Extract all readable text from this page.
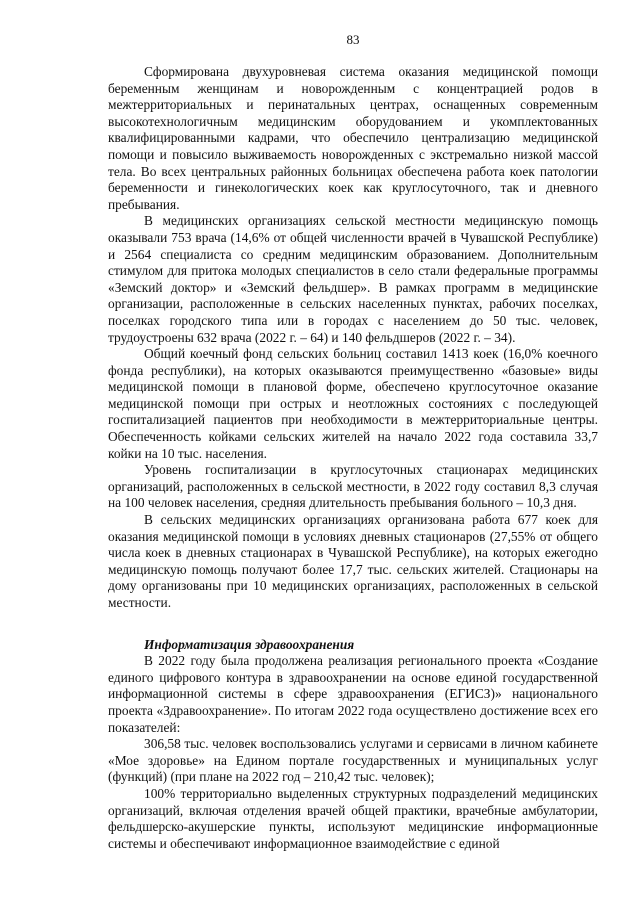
83

Сформирована двухуровневая система оказания медицинской помощи беременным женщинам и новорожденным с концентрацией родов в межтерриториальных и перинатальных центрах, оснащенных современным высокотехнологичным медицинским оборудованием и укомплектованных квалифицированными кадрами, что обеспечило централизацию медицинской помощи и повысило выживаемость новорожденных с экстремально низкой массой тела. Во всех центральных районных больницах обеспечена работа коек патологии беременности и гинекологических коек как круглосуточного, так и дневного пребывания.

В медицинских организациях сельской местности медицинскую помощь оказывали 753 врача (14,6% от общей численности врачей в Чувашской Республике) и 2564 специалиста со средним медицинским образованием. Дополнительным стимулом для притока молодых специалистов в село стали федеральные программы «Земский доктор» и «Земский фельдшер». В рамках программ в медицинские организации, расположенные в сельских населенных пунктах, рабочих поселках, поселках городского типа или в городах с населением до 50 тыс. человек, трудоустроены 632 врача (2022 г. – 64) и 140 фельдшеров (2022 г. – 34).

Общий коечный фонд сельских больниц составил 1413 коек (16,0% коечного фонда республики), на которых оказываются преимущественно «базовые» виды медицинской помощи в плановой форме, обеспечено круглосуточное оказание медицинской помощи при острых и неотложных состояниях с последующей госпитализацией пациентов при необходимости в межтерриториальные центры. Обеспеченность койками сельских жителей на начало 2022 года составила 33,7 койки на 10 тыс. населения.

Уровень госпитализации в круглосуточных стационарах медицинских организаций, расположенных в сельской местности, в 2022 году составил 8,3 случая на 100 человек населения, средняя длительность пребывания больного – 10,3 дня.

В сельских медицинских организациях организована работа 677 коек для оказания медицинской помощи в условиях дневных стационаров (27,55% от общего числа коек в дневных стационарах в Чувашской Республике), на которых ежегодно медицинскую помощь получают более 17,7 тыс. сельских жителей. Стационары на дому организованы при 10 медицинских организациях, расположенных в сельской местности.

Информатизация здравоохранения

В 2022 году была продолжена реализация регионального проекта «Создание единого цифрового контура в здравоохранении на основе единой государственной информационной системы в сфере здравоохранения (ЕГИСЗ)» национального проекта «Здравоохранение». По итогам 2022 года осуществлено достижение всех его показателей:

306,58 тыс. человек воспользовались услугами и сервисами в личном кабинете «Мое здоровье» на Едином портале государственных и муниципальных услуг (функций) (при плане на 2022 год – 210,42 тыс. человек);

100% территориально выделенных структурных подразделений медицинских организаций, включая отделения врачей общей практики, врачебные амбулатории, фельдшерско-акушерские пункты, используют медицинские информационные системы и обеспечивают информационное взаимодействие с единой
